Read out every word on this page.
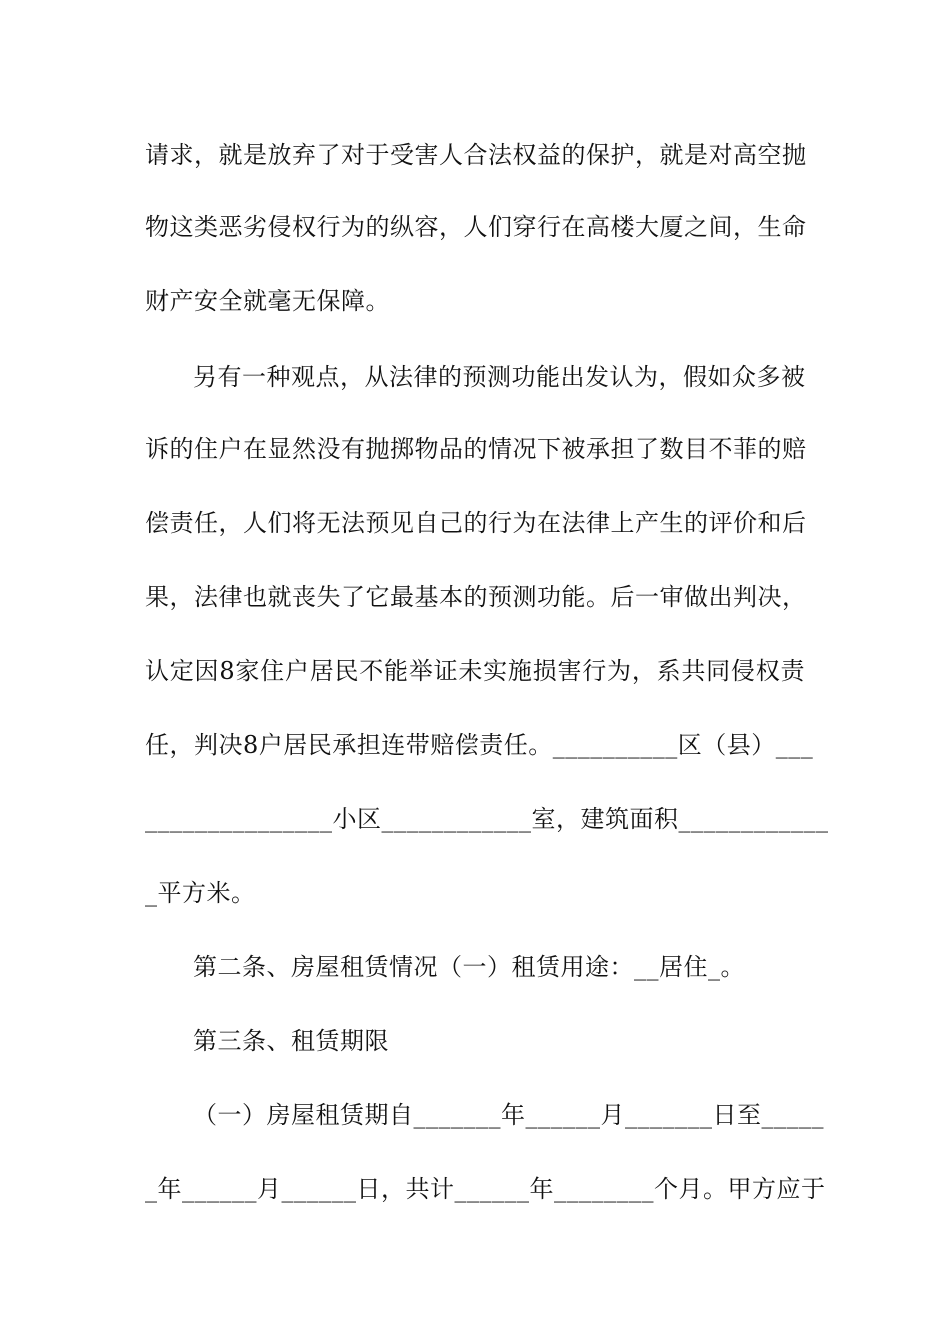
请求，就是放弃了对于受害人合法权益的保护，就是对高空抛
物这类恶劣侵权行为的纵容，人们穿行在高楼大厦之间，生命
财产安全就毫无保障。
另有一种观点，从法律的预测功能出发认为，假如众多被
诉的住户在显然没有抛掷物品的情况下被承担了数目不菲的赔
偿责任，人们将无法预见自己的行为在法律上产生的评价和后
果，法律也就丧失了它最基本的预测功能。后一审做出判决，
认定因8家住户居民不能举证未实施损害行为，系共同侵权责
任，判决8户居民承担连带赔偿责任。__________区（县）___
_______________小区____________室，建筑面积____________
_平方米。
第二条、房屋租赁情况（一）租赁用途：__居住_。
第三条、租赁期限
（一）房屋租赁期自_______年______月_______日至_____
_年______月______日，共计______年________个月。甲方应于
